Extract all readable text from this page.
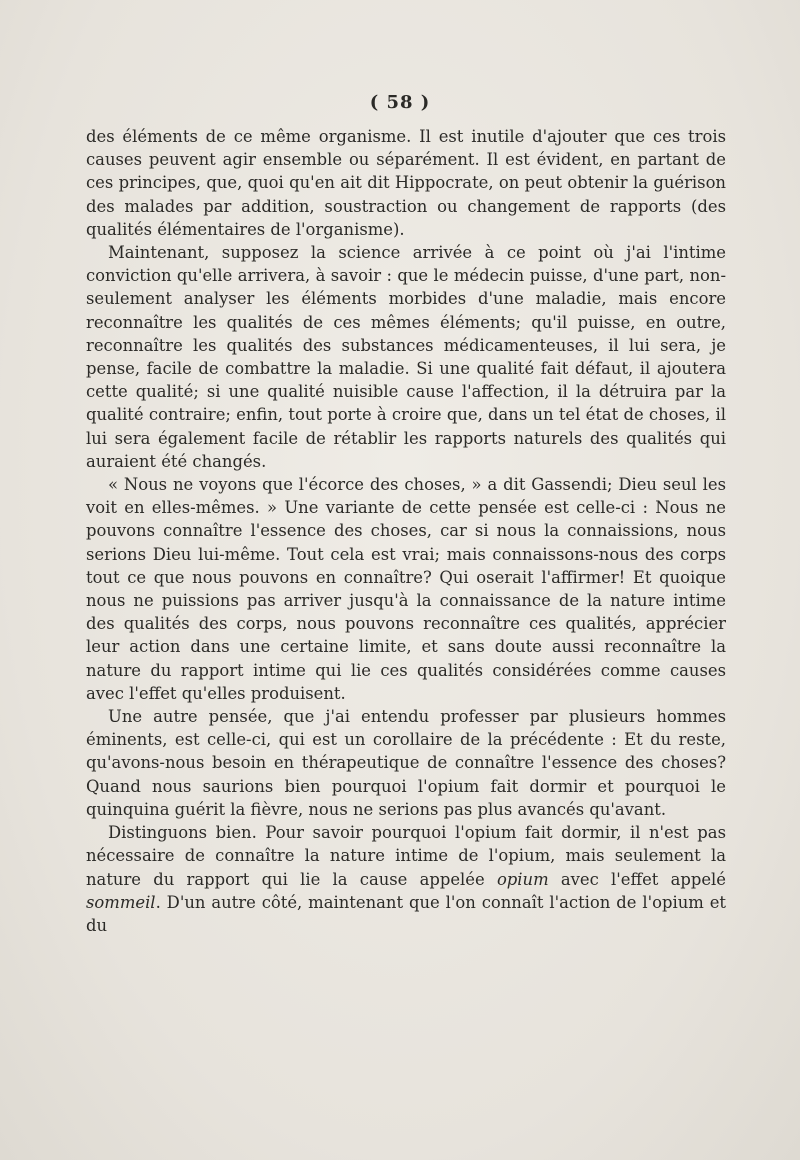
( 58 )

des éléments de ce même organisme. Il est inutile d'ajouter que ces trois causes peuvent agir ensemble ou séparément. Il est évident, en partant de ces principes, que, quoi qu'en ait dit Hippocrate, on peut obtenir la guérison des malades par addition, soustraction ou changement de rapports (des qualités élémentaires de l'organisme).

Maintenant, supposez la science arrivée à ce point où j'ai l'intime conviction qu'elle arrivera, à savoir : que le médecin puisse, d'une part, non-seulement analyser les éléments morbides d'une maladie, mais encore reconnaître les qualités de ces mêmes éléments; qu'il puisse, en outre, reconnaître les qualités des substances médicamenteuses, il lui sera, je pense, facile de combattre la maladie. Si une qualité fait défaut, il ajoutera cette qualité; si une qualité nuisible cause l'affection, il la détruira par la qualité contraire; enfin, tout porte à croire que, dans un tel état de choses, il lui sera également facile de rétablir les rapports naturels des qualités qui auraient été changés.

« Nous ne voyons que l'écorce des choses, » a dit Gassendi; Dieu seul les voit en elles-mêmes. » Une variante de cette pensée est celle-ci : Nous ne pouvons connaître l'essence des choses, car si nous la connaissions, nous serions Dieu lui-même. Tout cela est vrai; mais connaissons-nous des corps tout ce que nous pouvons en connaître? Qui oserait l'affirmer! Et quoique nous ne puissions pas arriver jusqu'à la connaissance de la nature intime des qualités des corps, nous pouvons reconnaître ces qualités, apprécier leur action dans une certaine limite, et sans doute aussi reconnaître la nature du rapport intime qui lie ces qualités considérées comme causes avec l'effet qu'elles produisent.

Une autre pensée, que j'ai entendu professer par plusieurs hommes éminents, est celle-ci, qui est un corollaire de la précédente : Et du reste, qu'avons-nous besoin en thérapeutique de connaître l'essence des choses? Quand nous saurions bien pourquoi l'opium fait dormir et pourquoi le quinquina guérit la fièvre, nous ne serions pas plus avancés qu'avant.

Distinguons bien. Pour savoir pourquoi l'opium fait dormir, il n'est pas nécessaire de connaître la nature intime de l'opium, mais seulement la nature du rapport qui lie la cause appelée opium avec l'effet appelé sommeil. D'un autre côté, maintenant que l'on connaît l'action de l'opium et du
